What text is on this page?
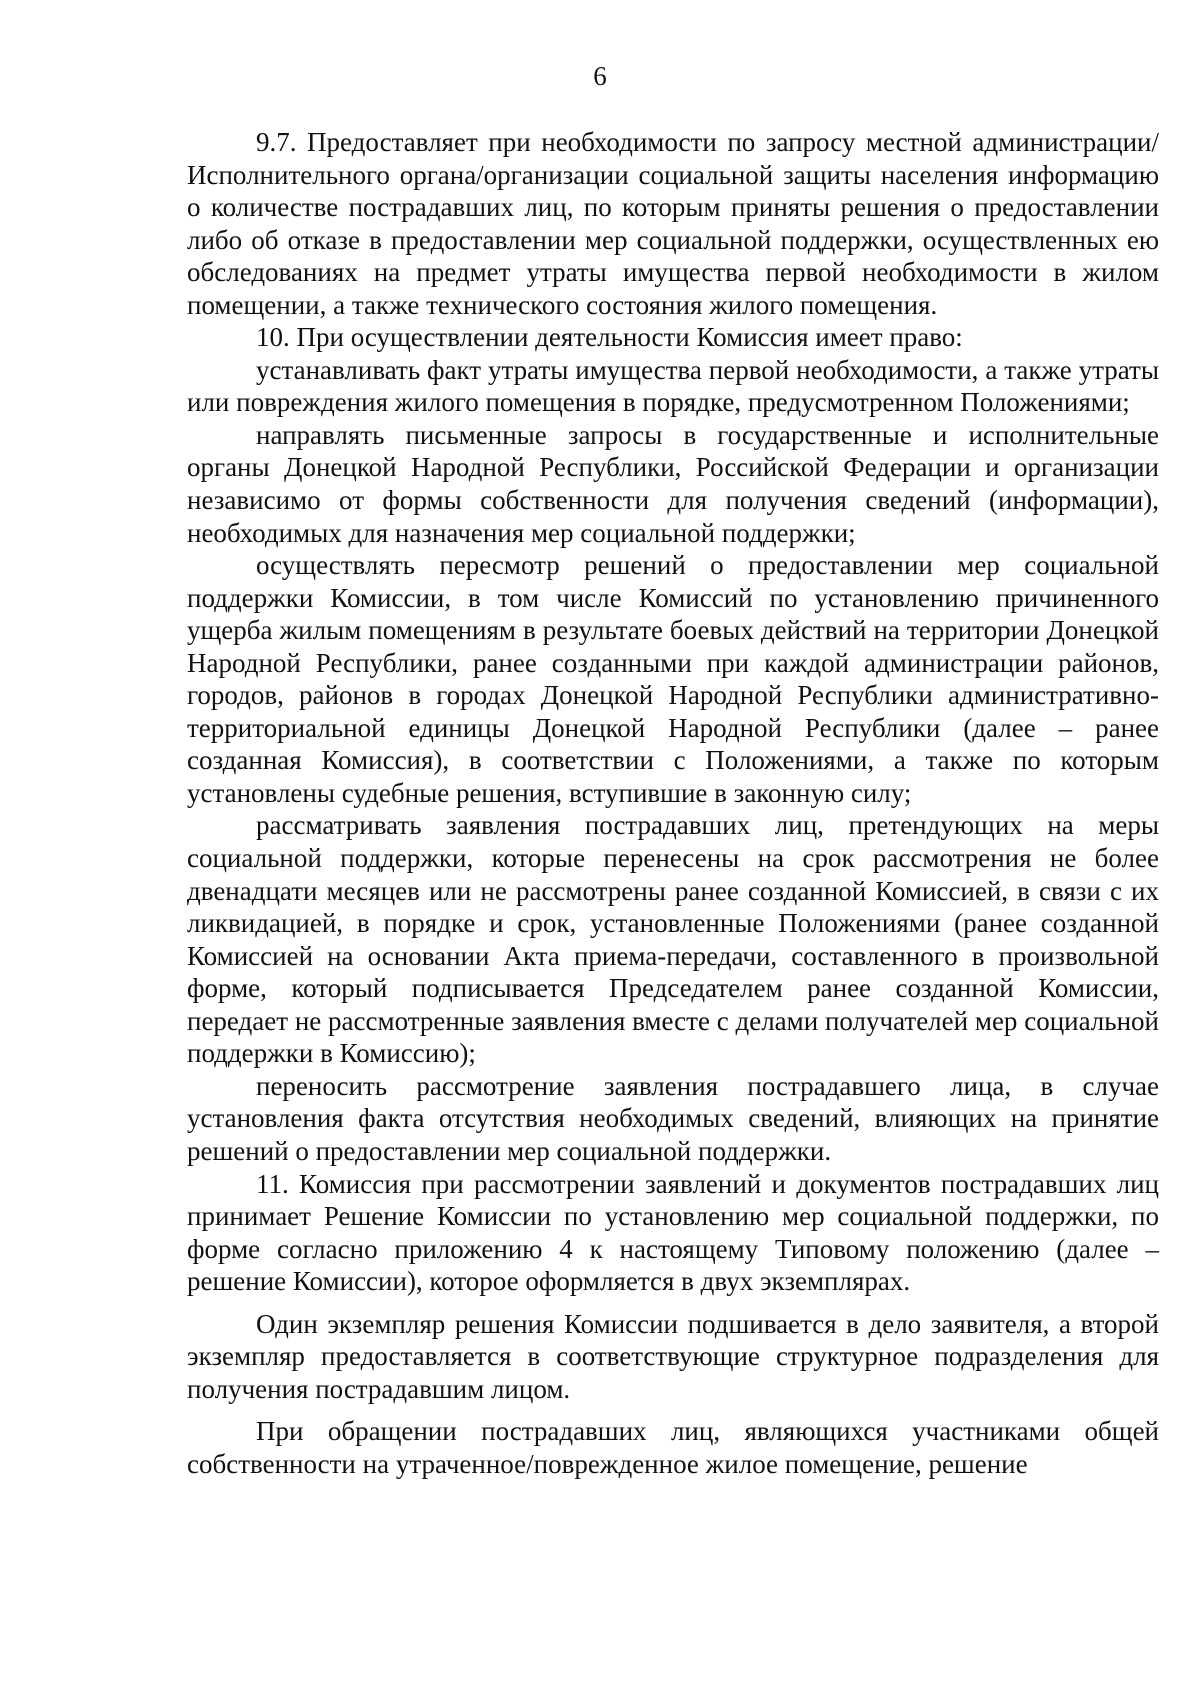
6

9.7. Предоставляет при необходимости по запросу местной администрации/Исполнительного органа/организации социальной защиты населения информацию о количестве пострадавших лиц, по которым приняты решения о предоставлении либо об отказе в предоставлении мер социальной поддержки, осуществленных ею обследованиях на предмет утраты имущества первой необходимости в жилом помещении, а также технического состояния жилого помещения.

10. При осуществлении деятельности Комиссия имеет право:

устанавливать факт утраты имущества первой необходимости, а также утраты или повреждения жилого помещения в порядке, предусмотренном Положениями;

направлять письменные запросы в государственные и исполнительные органы Донецкой Народной Республики, Российской Федерации и организации независимо от формы собственности для получения сведений (информации), необходимых для назначения мер социальной поддержки;

осуществлять пересмотр решений о предоставлении мер социальной поддержки Комиссии, в том числе Комиссий по установлению причиненного ущерба жилым помещениям в результате боевых действий на территории Донецкой Народной Республики, ранее созданными при каждой администрации районов, городов, районов в городах Донецкой Народной Республики административно-территориальной единицы Донецкой Народной Республики (далее – ранее созданная Комиссия), в соответствии с Положениями, а также по которым установлены судебные решения, вступившие в законную силу;

рассматривать заявления пострадавших лиц, претендующих на меры социальной поддержки, которые перенесены на срок рассмотрения не более двенадцати месяцев или не рассмотрены ранее созданной Комиссией, в связи с их ликвидацией, в порядке и срок, установленные Положениями (ранее созданной Комиссией на основании Акта приема-передачи, составленного в произвольной форме, который подписывается Председателем ранее созданной Комиссии, передает не рассмотренные заявления вместе с делами получателей мер социальной поддержки в Комиссию);

переносить рассмотрение заявления пострадавшего лица, в случае установления факта отсутствия необходимых сведений, влияющих на принятие решений о предоставлении мер социальной поддержки.

11. Комиссия при рассмотрении заявлений и документов пострадавших лиц принимает Решение Комиссии по установлению мер социальной поддержки, по форме согласно приложению 4 к настоящему Типовому положению (далее – решение Комиссии), которое оформляется в двух экземплярах.

Один экземпляр решения Комиссии подшивается в дело заявителя, а второй экземпляр предоставляется в соответствующие структурное подразделения для получения пострадавшим лицом.

При обращении пострадавших лиц, являющихся участниками общей собственности на утраченное/поврежденное жилое помещение, решение
